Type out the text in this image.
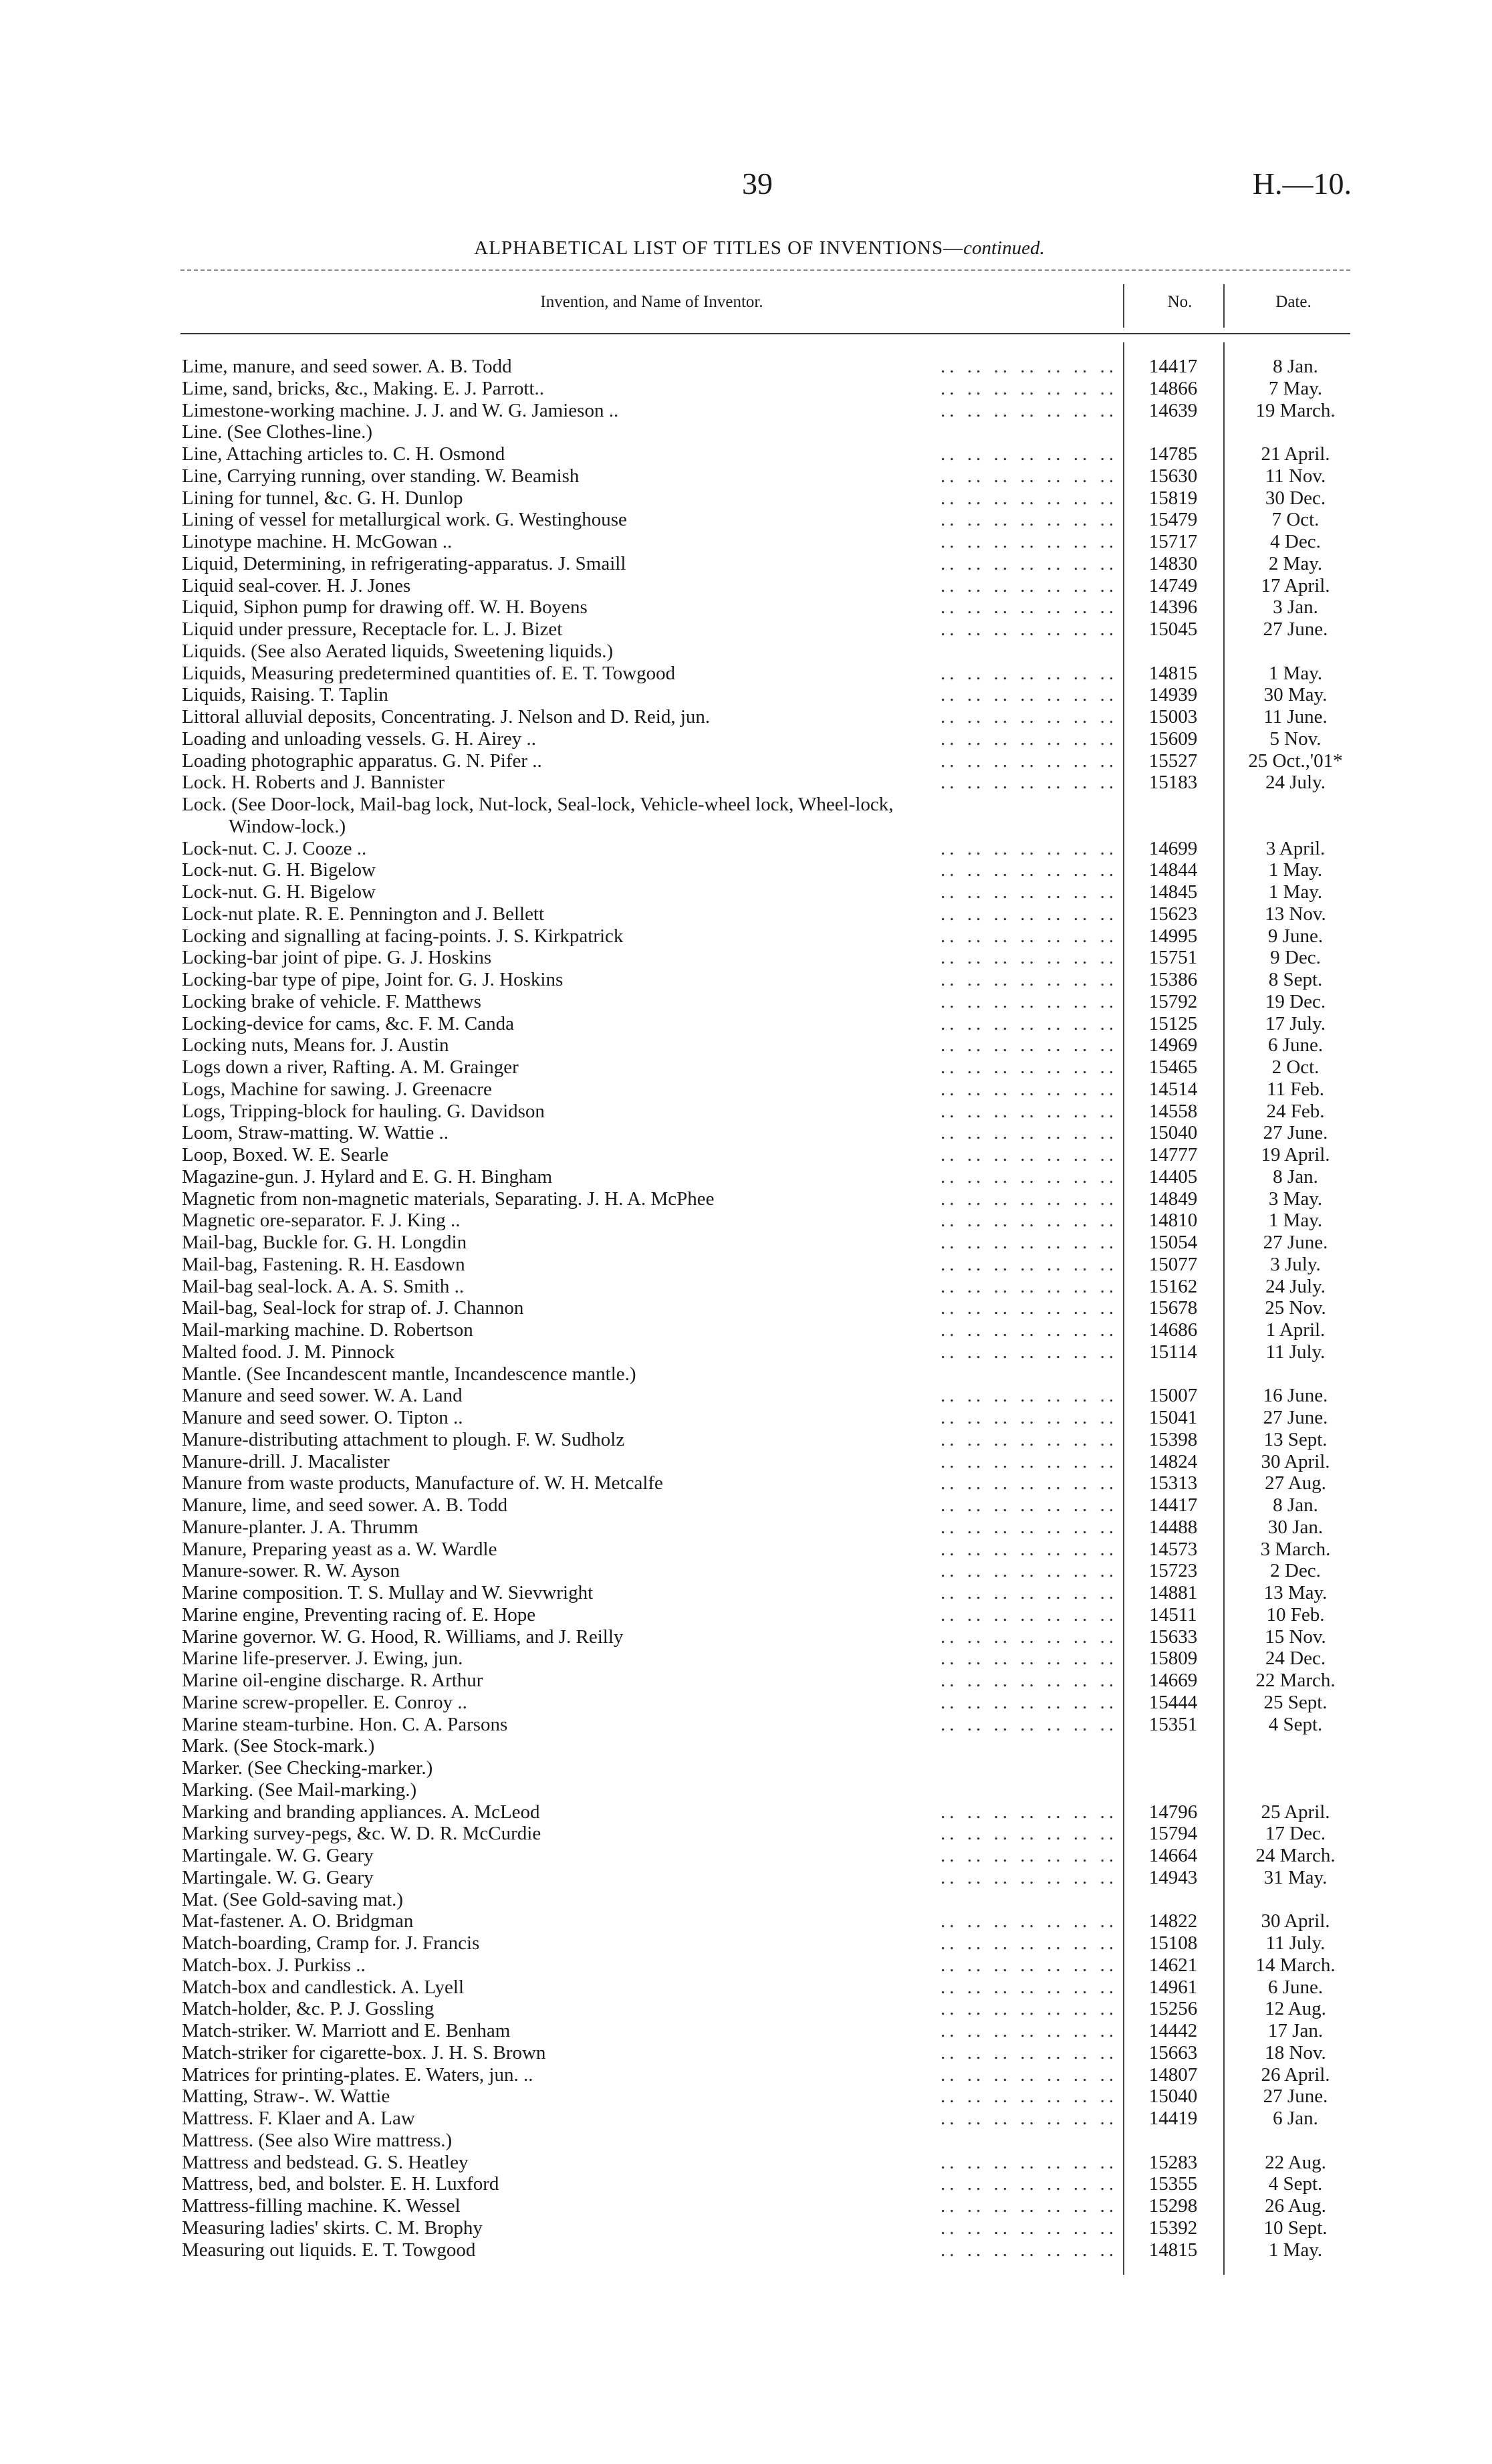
39	H.—10.
ALPHABETICAL LIST OF TITLES OF INVENTIONS—continued.
Invention, and Name of Inventor.	No.	Date.
.. .. .. .. .. .. ..
Lime, manure, and seed sower. A. B. Todd	14417	8 Jan.
.. .. .. .. .. .. ..
Lime, sand, bricks, &c., Making. E. J. Parrott..	14866	7 May.
.. .. .. .. .. .. ..
Limestone-working machine. J. J. and W. G. Jamieson ..	14639	19 March.
Line. (See Clothes-line.)
.. .. .. .. .. .. ..
Line, Attaching articles to. C. H. Osmond	14785	21 April.
.. .. .. .. .. .. ..
Line, Carrying running, over standing. W. Beamish	15630	11 Nov.
.. .. .. .. .. .. ..
Lining for tunnel, &c. G. H. Dunlop	15819	30 Dec.
.. .. .. .. .. .. ..
Lining of vessel for metallurgical work. G. Westinghouse	15479	7 Oct.
.. .. .. .. .. .. ..
Linotype machine. H. McGowan ..	15717	4 Dec.
.. .. .. .. .. .. ..
Liquid, Determining, in refrigerating-apparatus. J. Smaill	14830	2 May.
.. .. .. .. .. .. ..
Liquid seal-cover. H. J. Jones	14749	17 April.
.. .. .. .. .. .. ..
Liquid, Siphon pump for drawing off. W. H. Boyens	14396	3 Jan.
.. .. .. .. .. .. ..
Liquid under pressure, Receptacle for. L. J. Bizet	15045	27 June.
Liquids. (See also Aerated liquids, Sweetening liquids.)
.. .. .. .. .. .. ..
Liquids, Measuring predetermined quantities of. E. T. Towgood	14815	1 May.
.. .. .. .. .. .. ..
Liquids, Raising. T. Taplin	14939	30 May.
.. .. .. .. .. .. ..
Littoral alluvial deposits, Concentrating. J. Nelson and D. Reid, jun.	15003	11 June.
.. .. .. .. .. .. ..
Loading and unloading vessels. G. H. Airey ..	15609	5 Nov.
.. .. .. .. .. .. ..
Loading photographic apparatus. G. N. Pifer ..	15527	25 Oct.,'01*
.. .. .. .. .. .. ..
Lock. H. Roberts and J. Bannister	15183	24 July.
Lock. (See Door-lock, Mail-bag lock, Nut-lock, Seal-lock, Vehicle-wheel lock, Wheel-lock,
Window-lock.)
.. .. .. .. .. .. ..
Lock-nut. C. J. Cooze ..	14699	3 April.
.. .. .. .. .. .. ..
Lock-nut. G. H. Bigelow	14844	1 May.
.. .. .. .. .. .. ..
Lock-nut. G. H. Bigelow	14845	1 May.
.. .. .. .. .. .. ..
Lock-nut plate. R. E. Pennington and J. Bellett	15623	13 Nov.
.. .. .. .. .. .. ..
Locking and signalling at facing-points. J. S. Kirkpatrick	14995	9 June.
.. .. .. .. .. .. ..
Locking-bar joint of pipe. G. J. Hoskins	15751	9 Dec.
.. .. .. .. .. .. ..
Locking-bar type of pipe, Joint for. G. J. Hoskins	15386	8 Sept.
.. .. .. .. .. .. ..
Locking brake of vehicle. F. Matthews	15792	19 Dec.
.. .. .. .. .. .. ..
Locking-device for cams, &c. F. M. Canda	15125	17 July.
.. .. .. .. .. .. ..
Locking nuts, Means for. J. Austin	14969	6 June.
.. .. .. .. .. .. ..
Logs down a river, Rafting. A. M. Grainger	15465	2 Oct.
.. .. .. .. .. .. ..
Logs, Machine for sawing. J. Greenacre	14514	11 Feb.
.. .. .. .. .. .. ..
Logs, Tripping-block for hauling. G. Davidson	14558	24 Feb.
.. .. .. .. .. .. ..
Loom, Straw-matting. W. Wattie ..	15040	27 June.
.. .. .. .. .. .. ..
Loop, Boxed. W. E. Searle	14777	19 April.
.. .. .. .. .. .. ..
Magazine-gun. J. Hylard and E. G. H. Bingham	14405	8 Jan.
.. .. .. .. .. .. ..
Magnetic from non-magnetic materials, Separating. J. H. A. McPhee	14849	3 May.
.. .. .. .. .. .. ..
Magnetic ore-separator. F. J. King ..	14810	1 May.
.. .. .. .. .. .. ..
Mail-bag, Buckle for. G. H. Longdin	15054	27 June.
.. .. .. .. .. .. ..
Mail-bag, Fastening. R. H. Easdown	15077	3 July.
.. .. .. .. .. .. ..
Mail-bag seal-lock. A. A. S. Smith ..	15162	24 July.
.. .. .. .. .. .. ..
Mail-bag, Seal-lock for strap of. J. Channon	15678	25 Nov.
.. .. .. .. .. .. ..
Mail-marking machine. D. Robertson	14686	1 April.
.. .. .. .. .. .. ..
Malted food. J. M. Pinnock	15114	11 July.
Mantle. (See Incandescent mantle, Incandescence mantle.)
.. .. .. .. .. .. ..
Manure and seed sower. W. A. Land	15007	16 June.
.. .. .. .. .. .. ..
Manure and seed sower. O. Tipton ..	15041	27 June.
.. .. .. .. .. .. ..
Manure-distributing attachment to plough. F. W. Sudholz	15398	13 Sept.
.. .. .. .. .. .. ..
Manure-drill. J. Macalister	14824	30 April.
.. .. .. .. .. .. ..
Manure from waste products, Manufacture of. W. H. Metcalfe	15313	27 Aug.
.. .. .. .. .. .. ..
Manure, lime, and seed sower. A. B. Todd	14417	8 Jan.
.. .. .. .. .. .. ..
Manure-planter. J. A. Thrumm	14488	30 Jan.
.. .. .. .. .. .. ..
Manure, Preparing yeast as a. W. Wardle	14573	3 March.
.. .. .. .. .. .. ..
Manure-sower. R. W. Ayson	15723	2 Dec.
.. .. .. .. .. .. ..
Marine composition. T. S. Mullay and W. Sievwright	14881	13 May.
.. .. .. .. .. .. ..
Marine engine, Preventing racing of. E. Hope	14511	10 Feb.
.. .. .. .. .. .. ..
Marine governor. W. G. Hood, R. Williams, and J. Reilly	15633	15 Nov.
.. .. .. .. .. .. ..
Marine life-preserver. J. Ewing, jun.	15809	24 Dec.
.. .. .. .. .. .. ..
Marine oil-engine discharge. R. Arthur	14669	22 March.
.. .. .. .. .. .. ..
Marine screw-propeller. E. Conroy ..	15444	25 Sept.
.. .. .. .. .. .. ..
Marine steam-turbine. Hon. C. A. Parsons	15351	4 Sept.
Mark. (See Stock-mark.)
Marker. (See Checking-marker.)
Marking. (See Mail-marking.)
.. .. .. .. .. .. ..
Marking and branding appliances. A. McLeod	14796	25 April.
.. .. .. .. .. .. ..
Marking survey-pegs, &c. W. D. R. McCurdie	15794	17 Dec.
.. .. .. .. .. .. ..
Martingale. W. G. Geary	14664	24 March.
.. .. .. .. .. .. ..
Martingale. W. G. Geary	14943	31 May.
Mat. (See Gold-saving mat.)
.. .. .. .. .. .. ..
Mat-fastener. A. O. Bridgman	14822	30 April.
.. .. .. .. .. .. ..
Match-boarding, Cramp for. J. Francis	15108	11 July.
.. .. .. .. .. .. ..
Match-box. J. Purkiss ..	14621	14 March.
.. .. .. .. .. .. ..
Match-box and candlestick. A. Lyell	14961	6 June.
.. .. .. .. .. .. ..
Match-holder, &c. P. J. Gossling	15256	12 Aug.
.. .. .. .. .. .. ..
Match-striker. W. Marriott and E. Benham	14442	17 Jan.
.. .. .. .. .. .. ..
Match-striker for cigarette-box. J. H. S. Brown	15663	18 Nov.
.. .. .. .. .. .. ..
Matrices for printing-plates. E. Waters, jun. ..	14807	26 April.
.. .. .. .. .. .. ..
Matting, Straw-. W. Wattie	15040	27 June.
.. .. .. .. .. .. ..
Mattress. F. Klaer and A. Law	14419	6 Jan.
Mattress. (See also Wire mattress.)
.. .. .. .. .. .. ..
Mattress and bedstead. G. S. Heatley	15283	22 Aug.
.. .. .. .. .. .. ..
Mattress, bed, and bolster. E. H. Luxford	15355	4 Sept.
.. .. .. .. .. .. ..
Mattress-filling machine. K. Wessel	15298	26 Aug.
.. .. .. .. .. .. ..
Measuring ladies' skirts. C. M. Brophy	15392	10 Sept.
.. .. .. .. .. .. ..
Measuring out liquids. E. T. Towgood	14815	1 May.
